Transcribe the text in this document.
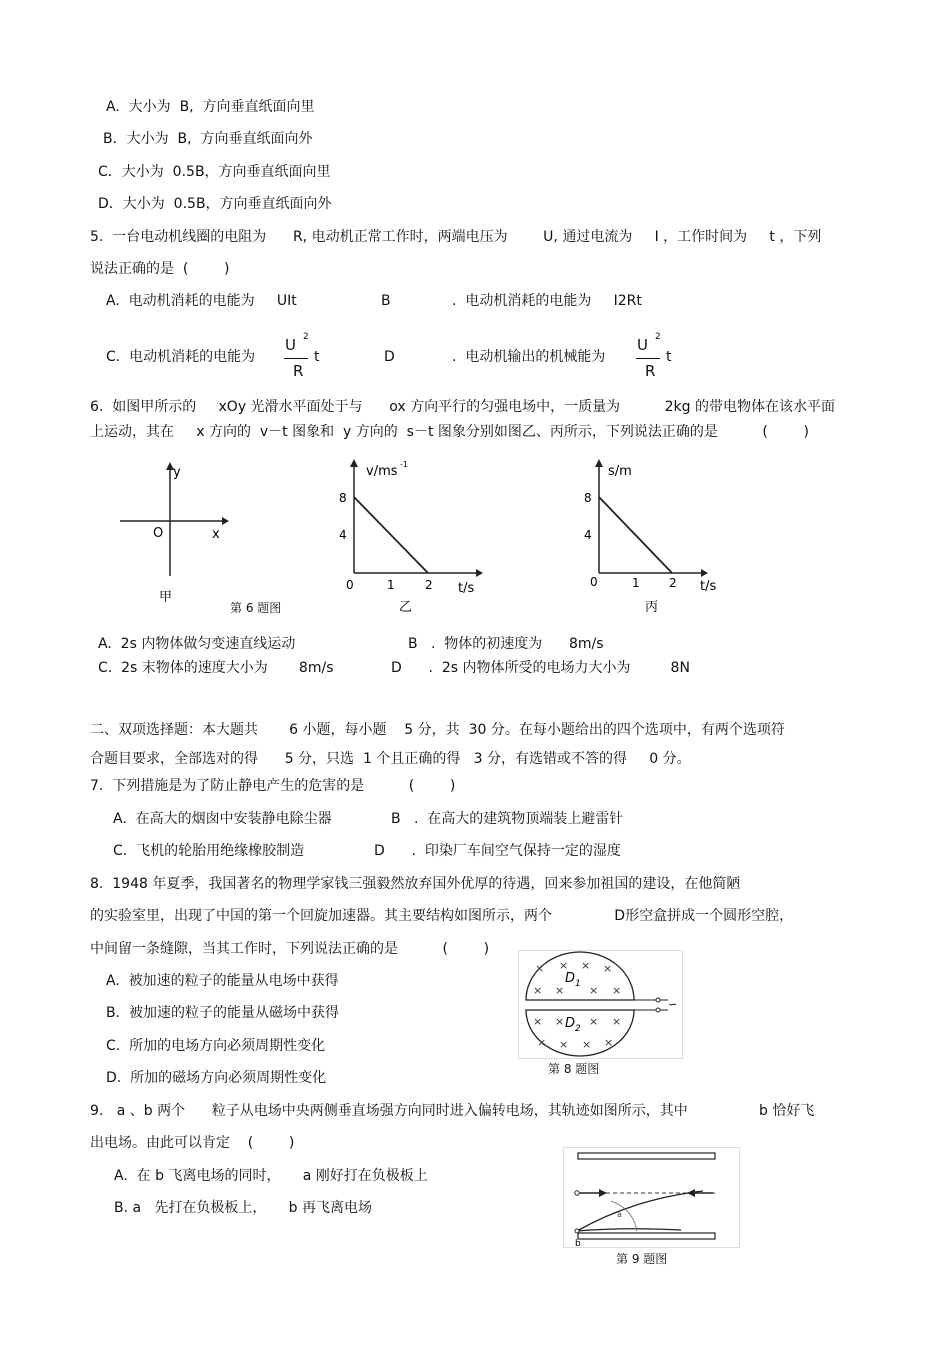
A.  大小为  B,  方向垂直纸面向里
B．大小为  B,  方向垂直纸面向外
C．大小为  0.5B，方向垂直纸面向里
D．大小为  0.5B，方向垂直纸面向外
5.  一台电动机线圈的电阻为      R, 电动机正常工作时，两端电压为        U, 通过电流为     I ，工作时间为     t ，下列
说法正确的是  (        )
A.  电动机消耗的电能为     UIt	B	.  电动机消耗的电能为     I2Rt
C.  电动机消耗的电能为
U 2
R
t	D	.  电动机输出的机械能为
U 2
R
t
6.  如图甲所示的     xOy 光滑水平面处于与      ox 方向平行的匀强电场中，一质量为          2kg 的带电物体在该水平面
上运动，其在     x 方向的  v－t 图象和  y 方向的  s－t 图象分别如图乙、丙所示，下列说法正确的是          (        )
y
x
O
甲
第 6 题图
v/ms -1
t/s
8
4
0	1	2
乙
s/m
t/s
8
4
0	1 2
丙
A.  2s 内物体做匀变速直线运动	B   .  物体的初速度为      8m/s
C.  2s 末物体的速度大小为       8m/s	D      .  2s 内物体所受的电场力大小为         8N
二、双项选择题：本大题共       6 小题，每小题    5 分，共  30 分。在每小题给出的四个选项中，有两个选项符
合题目要求，全部选对的得      5 分，只选  1 个且正确的得   3 分，有选错或不答的得     0 分。
7.  下列措施是为了防止静电产生的危害的是          (        )
A.  在高大的烟囱中安装静电除尘器	B   .  在高大的建筑物顶端装上避雷针
C.  飞机的轮胎用绝缘橡胶制造	D      .  印染厂车间空气保持一定的湿度
8.  1948 年夏季，我国著名的物理学家钱三强毅然放弃国外优厚的待遇，回来参加祖国的建设，在他简陋
的实验室里，出现了中国的第一个回旋加速器。其主要结构如图所示，两个              D形空盒拼成一个圆形空腔，
中间留一条缝隙，当其工作时，下列说法正确的是          (        )
A.  被加速的粒子的能量从电场中获得
B.  被加速的粒子的能量从磁场中获得
C.  所加的电场方向必须周期性变化
D.  所加的磁场方向必须周期性变化
∽
× × × ×
× × × ×
× × × ×
× × × ×
D 1
D 2
第 8 题图
9.   a 、b 两个      粒子从电场中央两侧垂直场强方向同时进入偏转电场，其轨迹如图所示，其中                b 恰好飞
出电场。由此可以肯定    (        )
A.  在 b 飞离电场的同时，     a 刚好打在负极板上
B. a   先打在负极板上，     b 再飞离电场	a
b
第 9 题图
